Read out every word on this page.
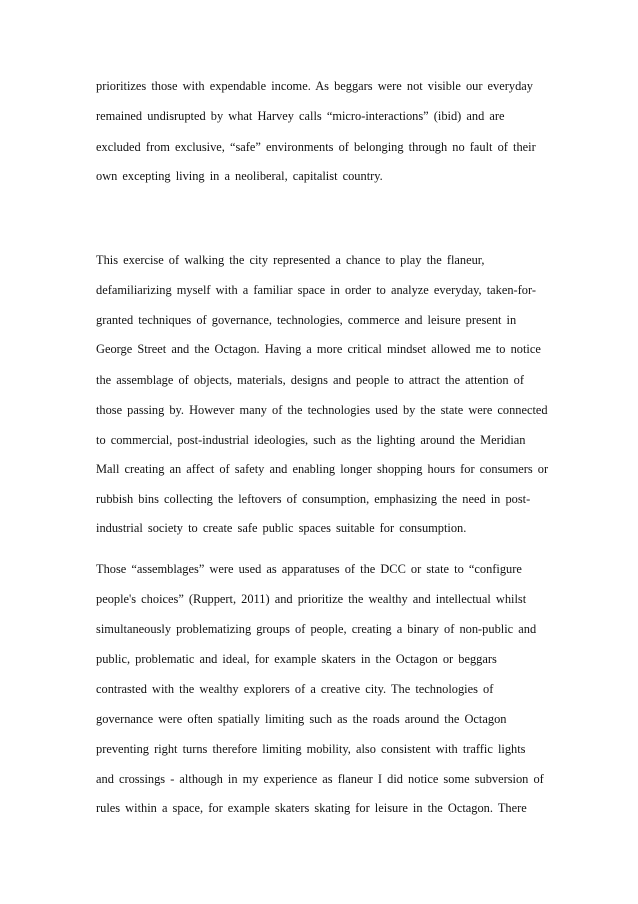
prioritizes those with expendable income. As beggars were not visible our everyday
remained undisrupted by what Harvey calls “micro-interactions” (ibid) and are
excluded from exclusive, “safe” environments of belonging through no fault of their
own excepting living in a neoliberal, capitalist country.
This exercise of walking the city represented a chance to play the flaneur,
defamiliarizing myself with a familiar space in order to analyze everyday, taken-for-
granted techniques of governance, technologies, commerce and leisure present in
George Street and the Octagon. Having a more critical mindset allowed me to notice
the assemblage of objects, materials, designs and people to attract the attention of
those passing by. However many of the technologies used by the state were connected
to commercial, post-industrial ideologies, such as the lighting around the Meridian
Mall creating an affect of safety and enabling longer shopping hours for consumers or
rubbish bins collecting the leftovers of consumption, emphasizing the need in post-
industrial society to create safe public spaces suitable for consumption.
Those “assemblages” were used as apparatuses of the DCC or state to “configure
people's choices” (Ruppert, 2011) and prioritize the wealthy and intellectual whilst
simultaneously problematizing groups of people, creating a binary of non-public and
public, problematic and ideal, for example skaters in the Octagon or beggars
contrasted with the wealthy explorers of a creative city. The technologies of
governance were often spatially limiting such as the roads around the Octagon
preventing right turns therefore limiting mobility, also consistent with traffic lights
and crossings - although in my experience as flaneur I did notice some subversion of
rules within a space, for example skaters skating for leisure in the Octagon. There
